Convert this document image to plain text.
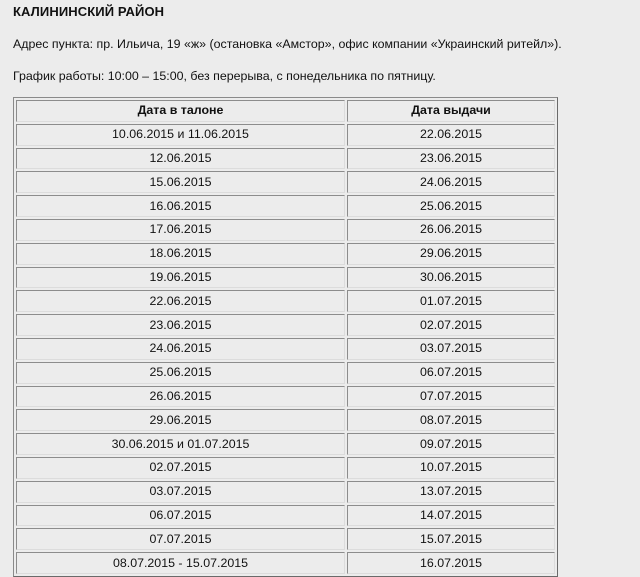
КАЛИНИНСКИЙ РАЙОН
Адрес пункта: пр. Ильича, 19 «ж» (остановка «Амстор», офис компании «Украинский ритейл»).
График работы: 10:00 – 15:00, без перерыва, с понедельника по пятницу.
Дата в талоне	Дата выдачи
10.06.2015 и 11.06.2015	22.06.2015
12.06.2015	23.06.2015
15.06.2015	24.06.2015
16.06.2015	25.06.2015
17.06.2015	26.06.2015
18.06.2015	29.06.2015
19.06.2015	30.06.2015
22.06.2015	01.07.2015
23.06.2015	02.07.2015
24.06.2015	03.07.2015
25.06.2015	06.07.2015
26.06.2015	07.07.2015
29.06.2015	08.07.2015
30.06.2015 и 01.07.2015	09.07.2015
02.07.2015	10.07.2015
03.07.2015	13.07.2015
06.07.2015	14.07.2015
07.07.2015	15.07.2015
08.07.2015 - 15.07.2015	16.07.2015
